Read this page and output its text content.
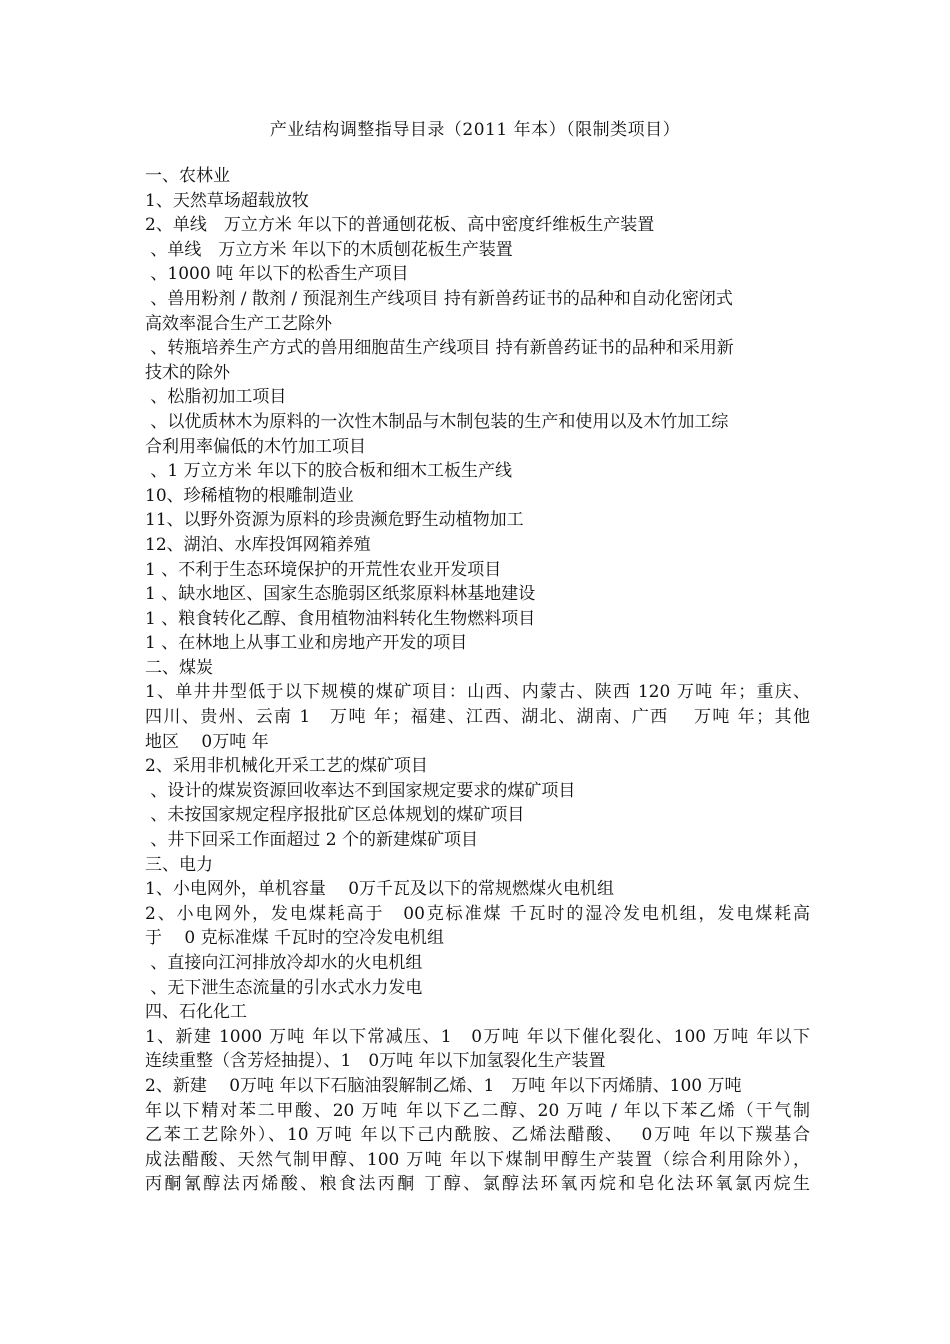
产业结构调整指导目录（2011 年本）（限制类项目）
一、农林业
1、天然草场超载放牧
2、单线　万立方米 年以下的普通刨花板、高中密度纤维板生产装置
、单线　万立方米 年以下的木质刨花板生产装置
、1000 吨 年以下的松香生产项目
、兽用粉剂 / 散剂 / 预混剂生产线项目 持有新兽药证书的品种和自动化密闭式
高效率混合生产工艺除外
、转瓶培养生产方式的兽用细胞苗生产线项目 持有新兽药证书的品种和采用新
技术的除外
、松脂初加工项目
、以优质林木为原料的一次性木制品与木制包装的生产和使用以及木竹加工综
合利用率偏低的木竹加工项目
、1 万立方米 年以下的胶合板和细木工板生产线
10、珍稀植物的根雕制造业
11、以野外资源为原料的珍贵濒危野生动植物加工
12、湖泊、水库投饵网箱养殖
1 、不利于生态环境保护的开荒性农业开发项目
1 、缺水地区、国家生态脆弱区纸浆原料林基地建设
1 、粮食转化乙醇、食用植物油料转化生物燃料项目
1 、在林地上从事工业和房地产开发的项目
二、煤炭
1、单井井型低于以下规模的煤矿项目：山西、内蒙古、陕西 120 万吨 年；重庆、
四川、贵州、云南 1　万吨 年；福建、江西、湖北、湖南、广西　 万吨 年；其他
地区　 0万吨 年
2、采用非机械化开采工艺的煤矿项目
、设计的煤炭资源回收率达不到国家规定要求的煤矿项目
、未按国家规定程序报批矿区总体规划的煤矿项目
、井下回采工作面超过 2 个的新建煤矿项目
三、电力
1、小电网外，单机容量　 0万千瓦及以下的常规燃煤火电机组
2、小电网外，发电煤耗高于　00克标准煤 千瓦时的湿冷发电机组，发电煤耗高
于　 0 克标准煤 千瓦时的空冷发电机组
、直接向江河排放冷却水的火电机组
、无下泄生态流量的引水式水力发电
四、石化化工
1、新建 1000 万吨 年以下常减压、1　0万吨 年以下催化裂化、100 万吨 年以下
连续重整（含芳烃抽提）、1　0万吨 年以下加氢裂化生产装置
2、新建　 0万吨 年以下石脑油裂解制乙烯、1　万吨 年以下丙烯腈、100 万吨
年以下精对苯二甲酸、20 万吨 年以下乙二醇、20 万吨 / 年以下苯乙烯（干气制
乙苯工艺除外）、10 万吨 年以下己内酰胺、乙烯法醋酸、　 0万吨 年以下羰基合
成法醋酸、天然气制甲醇、100 万吨 年以下煤制甲醇生产装置（综合利用除外），
丙酮氰醇法丙烯酸、粮食法丙酮 丁醇、氯醇法环氧丙烷和皂化法环氧氯丙烷生
